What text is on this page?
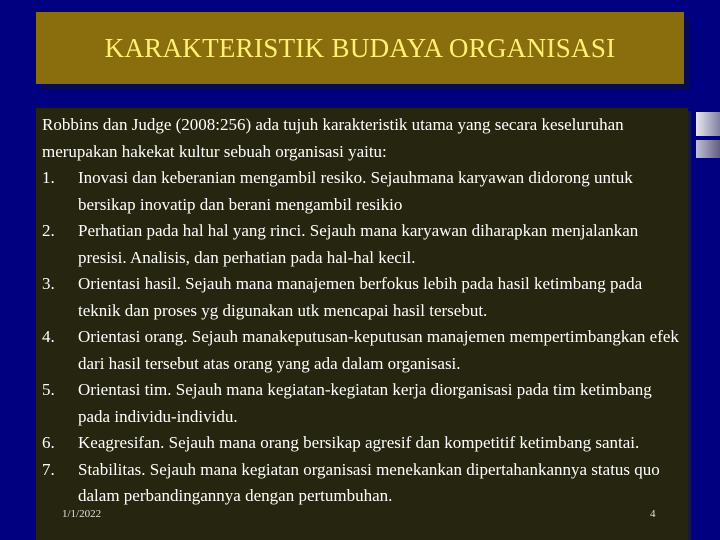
KARAKTERISTIK BUDAYA ORGANISASI

Robbins dan Judge (2008:256) ada tujuh karakteristik utama yang secara keseluruhan merupakan hakekat kultur sebuah organisasi yaitu:

1. Inovasi dan keberanian mengambil resiko. Sejauhmana karyawan didorong untuk bersikap inovatip dan berani mengambil resikio
2. Perhatian pada hal hal yang rinci. Sejauh mana karyawan diharapkan menjalankan presisi. Analisis, dan perhatian pada hal-hal kecil.
3. Orientasi hasil. Sejauh mana manajemen berfokus lebih pada hasil ketimbang pada teknik dan proses yg digunakan utk mencapai hasil tersebut.
4. Orientasi orang. Sejauh manakeputusan-keputusan manajemen mempertimbangkan efek dari hasil tersebut atas orang yang ada dalam organisasi.
5. Orientasi tim. Sejauh mana kegiatan-kegiatan kerja diorganisasi pada tim ketimbang pada individu-individu.
6. Keagresifan. Sejauh mana orang bersikap agresif dan kompetitif ketimbang santai.
7. Stabilitas. Sejauh mana kegiatan organisasi menekankan dipertahankannya status quo dalam perbandingannya dengan pertumbuhan.
1/1/2022	4
